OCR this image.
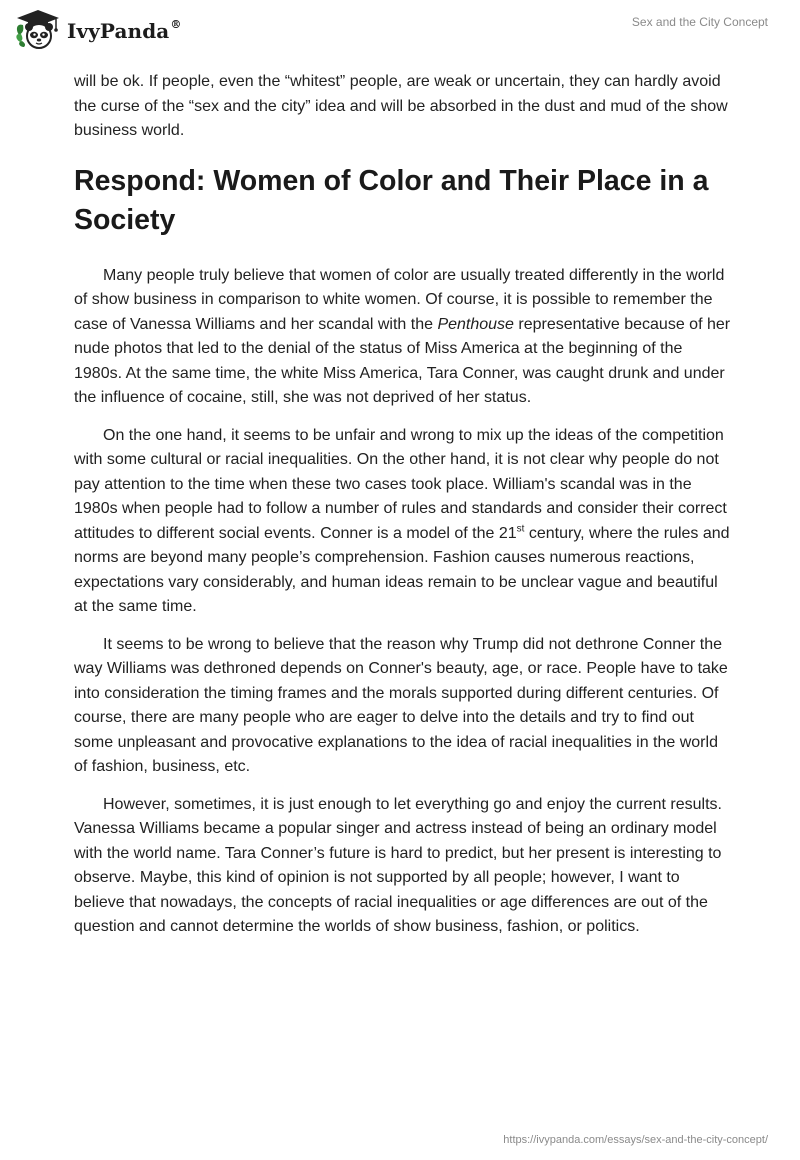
IvyPanda®	Sex and the City Concept

will be ok. If people, even the “whitest” people, are weak or uncertain, they can hardly avoid the curse of the “sex and the city” idea and will be absorbed in the dust and mud of the show business world.

Respond: Women of Color and Their Place in a Society

Many people truly believe that women of color are usually treated differently in the world of show business in comparison to white women. Of course, it is possible to remember the case of Vanessa Williams and her scandal with the Penthouse representative because of her nude photos that led to the denial of the status of Miss America at the beginning of the 1980s. At the same time, the white Miss America, Tara Conner, was caught drunk and under the influence of cocaine, still, she was not deprived of her status.

On the one hand, it seems to be unfair and wrong to mix up the ideas of the competition with some cultural or racial inequalities. On the other hand, it is not clear why people do not pay attention to the time when these two cases took place. William's scandal was in the 1980s when people had to follow a number of rules and standards and consider their correct attitudes to different social events. Conner is a model of the 21st century, where the rules and norms are beyond many people’s comprehension. Fashion causes numerous reactions, expectations vary considerably, and human ideas remain to be unclear vague and beautiful at the same time.

It seems to be wrong to believe that the reason why Trump did not dethrone Conner the way Williams was dethroned depends on Conner's beauty, age, or race. People have to take into consideration the timing frames and the morals supported during different centuries. Of course, there are many people who are eager to delve into the details and try to find out some unpleasant and provocative explanations to the idea of racial inequalities in the world of fashion, business, etc.

However, sometimes, it is just enough to let everything go and enjoy the current results. Vanessa Williams became a popular singer and actress instead of being an ordinary model with the world name. Tara Conner’s future is hard to predict, but her present is interesting to observe. Maybe, this kind of opinion is not supported by all people; however, I want to believe that nowadays, the concepts of racial inequalities or age differences are out of the question and cannot determine the worlds of show business, fashion, or politics.

https://ivypanda.com/essays/sex-and-the-city-concept/
